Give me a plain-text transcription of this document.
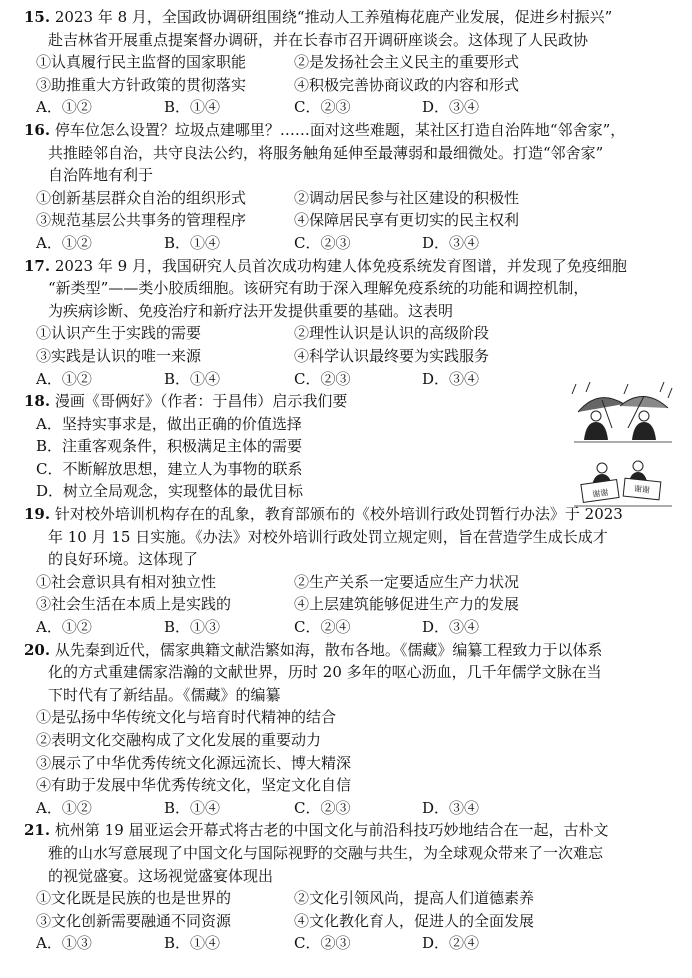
15. 2023 年 8 月，全国政协调研组围绕“推动人工养殖梅花鹿产业发展，促进乡村振兴”
赴吉林省开展重点提案督办调研，并在长春市召开调研座谈会。这体现了人民政协
①认真履行民主监督的国家职能	②是发扬社会主义民主的重要形式
③助推重大方针政策的贯彻落实	④积极完善协商议政的内容和形式
A．①②	B．①④	C．②③	D．③④
16. 停车位怎么设置？垃圾点建哪里？……面对这些难题，某社区打造自治阵地“邻舍家”，
共推睦邻自治，共守良法公约，将服务触角延伸至最薄弱和最细微处。打造“邻舍家”
自治阵地有利于
①创新基层群众自治的组织形式	②调动居民参与社区建设的积极性
③规范基层公共事务的管理程序	④保障居民享有更切实的民主权利
A．①②	B．①④	C．②③	D．③④
17. 2023 年 9 月，我国研究人员首次成功构建人体免疫系统发育图谱，并发现了免疫细胞
“新类型”——类小胶质细胞。该研究有助于深入理解免疫系统的功能和调控机制，
为疾病诊断、免疫治疗和新疗法开发提供重要的基础。这表明
①认识产生于实践的需要	②理性认识是认识的高级阶段
③实践是认识的唯一来源	④科学认识最终要为实践服务
A．①②	B．①④	C．②③	D．③④
18. 漫画《哥俩好》（作者：于昌伟）启示我们要
A．坚持实事求是，做出正确的价值选择
B．注重客观条件，积极满足主体的需要
C．不断解放思想，建立人为事物的联系
D．树立全局观念，实现整体的最优目标	谢谢	谢谢
19. 针对校外培训机构存在的乱象，教育部颁布的《校外培训行政处罚暂行办法》于 2023
年 10 月 15 日实施。《办法》对校外培训行政处罚立规定则，旨在营造学生成长成才
的良好环境。这体现了
①社会意识具有相对独立性	②生产关系一定要适应生产力状况
③社会生活在本质上是实践的	④上层建筑能够促进生产力的发展
A．①②	B．①③	C．②④	D．③④
20. 从先秦到近代，儒家典籍文献浩繁如海，散布各地。《儒藏》编纂工程致力于以体系
化的方式重建儒家浩瀚的文献世界，历时 20 多年的呕心沥血，几千年儒学文脉在当
下时代有了新结晶。《儒藏》的编纂
①是弘扬中华传统文化与培育时代精神的结合
②表明文化交融构成了文化发展的重要动力
③展示了中华优秀传统文化源远流长、博大精深
④有助于发展中华优秀传统文化，坚定文化自信
A．①②	B．①④	C．②③	D．③④
21. 杭州第 19 届亚运会开幕式将古老的中国文化与前沿科技巧妙地结合在一起，古朴文
雅的山水写意展现了中国文化与国际视野的交融与共生，为全球观众带来了一次难忘
的视觉盛宴。这场视觉盛宴体现出
①文化既是民族的也是世界的	②文化引领风尚，提高人们道德素养
③文化创新需要融通不同资源	④文化教化育人，促进人的全面发展
A．①③	B．①④	C．②③	D．②④
